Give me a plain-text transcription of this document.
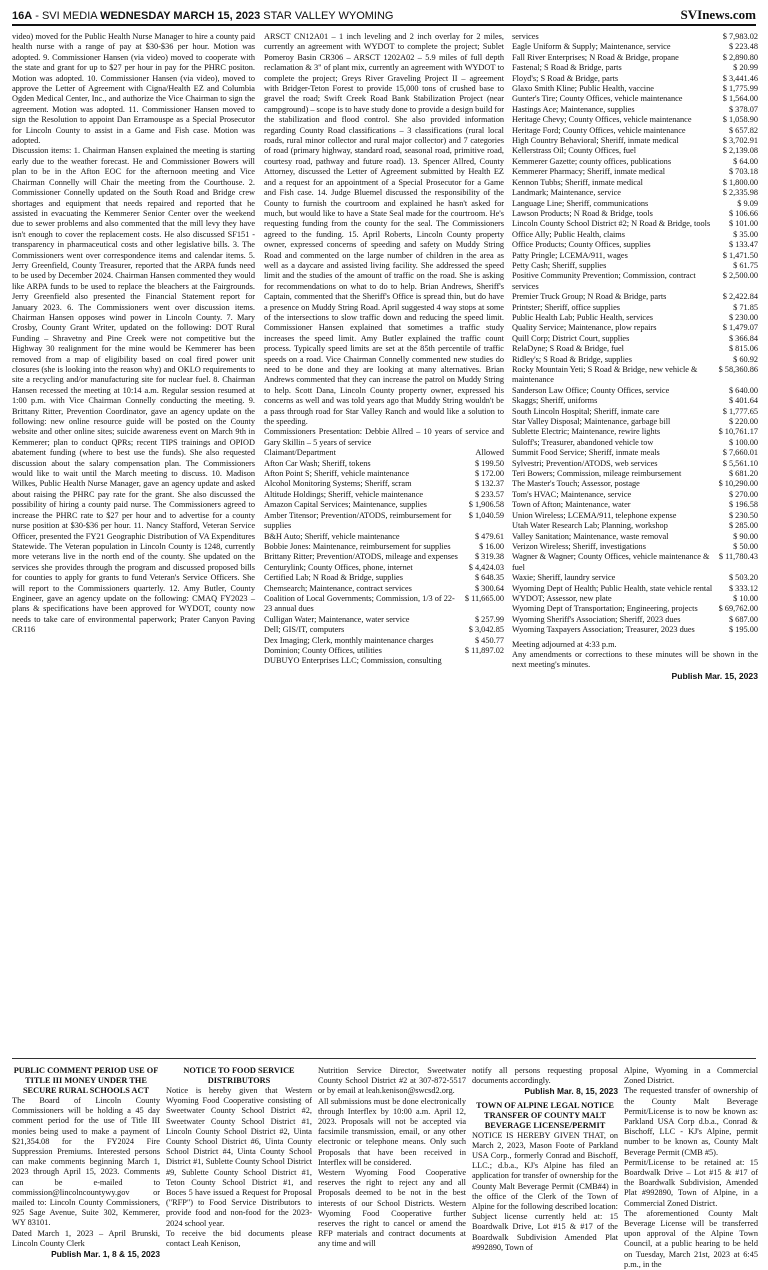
16A - SVI MEDIA WEDNESDAY MARCH 15, 2023 STAR VALLEY WYOMING	SVInews.com

video) moved for the Public Health Nurse Manager to hire a county paid health nurse with a range of pay at $30-$36 per hour. Motion was adopted. 9. Commissioner Hansen (via video) moved to cooperate with the state and grant for up to $27 per hour in pay for the PHRC positon. Motion was adopted. 10. Commissioner Hansen (via video), moved to approve the Letter of Agreement with Cigna/Health EZ and Columbia Ogden Medical Center, Inc., and authorize the Vice Chairman to sign the agreement. Motion was adopted. 11. Commissioner Hansen moved to sign the Resolution to appoint Dan Erramouspe as a Special Prosecutor for Lincoln County to assist in a Game and Fish case. Motion was adopted.

Discussion items: 1. Chairman Hansen explained the meeting is starting early due to the weather forecast. He and Commissioner Bowers will plan to be in the Afton EOC for the afternoon meeting and Vice Chairman Connelly will Chair the meeting from the Courthouse. 2. Commissioner Connelly updated on the South Road and Bridge crew shortages and equipment that needs repaired and reported that he assisted in evacuating the Kemmerer Senior Center over the weekend due to sewer problems and also commented that the mill levy they have isn't enough to cover the replacement costs. He also discussed SF151 - transparency in pharmaceutical costs and other legislative bills. 3. The Commissioners went over correspondence items and calendar items. 5. Jerry Greenfield, County Treasurer, reported that the ARPA funds need to be used by December 2024. Chairman Hansen commented they would like ARPA funds to be used to replace the bleachers at the Fairgrounds. Jerry Greenfield also presented the Financial Statement report for January 2023. 6. The Commissioners went over discussion items. Chairman Hansen opposes wind power in Lincoln County. 7. Mary Crosby, County Grant Writer, updated on the following: DOT Rural Funding – Shravetny and Pine Creek were not competitive but the Highway 30 realignment for the mine would be Kemmerer has been removed from a map of eligibility based on coal fired power unit closures (she is looking into the reason why) and OKLO requirements to site a recycling and/or manufacturing site for nuclear fuel. 8. Chairman Hansen recessed the meeting at 10:14 a.m. Regular session resumed at 1:00 p.m. with Vice Chairman Connelly conducting the meeting. 9. Brittany Ritter, Prevention Coordinator, gave an agency update on the following: new online resource guide will be posted on the County website and other online sites; suicide awareness event on March 9th in Kemmerer; plan to conduct QPRs; recent TIPS trainings and OPIOD abatement funding (where to best use the funds). She also requested discussion about the salary compensation plan. The Commissioners would like to wait until the March meeting to discuss. 10. Madison Wilkes, Public Health Nurse Manager, gave an agency update and asked about raising the PHRC pay rate for the grant. She also discussed the possibility of hiring a county paid nurse. The Commissioners agreed to increase the PHRC rate to $27 per hour and to advertise for a county nurse position at $30-$36 per hour. 11. Nancy Stafford, Veteran Service Officer, presented the FY21 Geographic Distribution of VA Expenditures Statewide. The Veteran population in Lincoln County is 1248, currently more veterans live in the north end of the county. She updated on the services she provides through the program and discussed proposed bills for counties to apply for grants to fund Veteran's Service Officers. She will report to the Commissioners quarterly. 12. Amy Butler, County Engineer, gave an agency update on the following: CMAQ FY2023 – plans & specifications have been approved for WYDOT, county now needs to take care of environmental paperwork; Prater Canyon Paving CR116

ARSCT CN12A01 – 1 inch leveling and 2 inch overlay for 2 miles, currently an agreement with WYDOT to complete the project; Sublet Pomeroy Basin CR306 – ARSCT 1202A02 – 5.9 miles of full depth reclamation & 3" of plant mix, currently an agreement with WYDOT to complete the project; Greys River Graveling Project II – agreement with Bridger-Teton Forest to provide 15,000 tons of crushed base to gravel the road; Swift Creek Road Bank Stabilization Project (near campground) – scope is to have study done to provide a design build for the stabilization and flood control. She also provided information regarding County Road classifications – 3 classifications (rural local roads, rural minor collector and rural major collector) and 7 categories of road (primary highway, standard road, seasonal road, primitive road, courtesy road, pathway and future road). 13. Spencer Allred, County Attorney, discussed the Letter of Agreement submitted by Health EZ and a request for an appointment of a Special Prosecutor for a Game and Fish case. 14. Judge Bluemel discussed the responsibility of the County to furnish the courtroom and explained he hasn't asked for much, but would like to have a State Seal made for the courtroom. He's requesting funding from the county for the seal. The Commissioners agreed to the funding. 15. April Roberts, Lincoln County property owner, expressed concerns of speeding and safety on Muddy String Road and commented on the large number of children in the area as well as a daycare and assisted living facility. She addressed the speed limit and the studies of the amount of traffic on the road. She is asking for recommendations on what to do to help. Brian Andrews, Sheriff's Captain, commented that the Sheriff's Office is spread thin, but do have a presence on Muddy String Road. April suggested 4 way stops at some of the intersections to slow traffic down and reducing the speed limit. Commissioner Hansen explained that sometimes a traffic study increases the speed limit. Amy Butler explained the traffic count process. Typically speed limits are set at the 85th percentile of traffic speeds on a road. Vice Chairman Connelly commented new studies do need to be done and they are looking at many alternatives. Brian Andrews commented that they can increase the patrol on Muddy String to help. Scott Dana, Lincoln County property owner, expressed his concerns as well and was told years ago that Muddy String wouldn't be a pass through road for Star Valley Ranch and would like a solution to the speeding.

Commissioners Presentation: Debbie Allred – 10 years of service and Gary Skillin – 5 years of service

Claimant/Department	Allowed
Afton Car Wash; Sheriff, tokens	$ 199.50
Afton Point S; Sheriff, vehicle maintenance	$ 172.00
Alcohol Monitoring Systems; Sheriff, scram	$ 132.37
Altitude Holdings; Sheriff, vehicle maintenance	$ 233.57
Amazon Capital Services; Maintenance, supplies	$ 1,906.58
Amber Titensor; Prevention/ATODS, reimbursement for supplies
$ 1,040.59
B&H Auto; Sheriff, vehicle maintenance	$ 479.61
Bobbie Jones: Maintenance, reimbursement for supplies	$ 16.00
Brittany Ritter; Prevention/ATODS, mileage and expenses	$ 319.38
Centurylink; County Offices, phone, internet	$ 4,424.03
Certified Lab; N Road & Bridge, supplies	$ 648.35
Chemsearch; Maintenance, contract services	$ 300.64
Coalition of Local Governments; Commission, 1/3 of 22-23 annual dues
$ 11,665.00
Culligan Water; Maintenance, water service	$ 257.99
Dell; GIS/IT, computers	$ 3,042.85
Dex Imaging; Clerk, monthly maintenance charges	$ 450.77
Dominion; County Offices, utilities	$ 11,897.02
DUBUYO Enterprises LLC; Commission, consulting
services	$ 7,983.02
Eagle Uniform & Supply; Maintenance, service	$ 223.48
Fall River Enterprises; N Road & Bridge, propane	$ 2,890.80
Fastenal; S Road & Bridge, parts	$ 20.99
Floyd's; S Road & Bridge, parts	$ 3,441.46
Glaxo Smith Kline; Public Health, vaccine	$ 1,775.99
Gunter's Tire; County Offices, vehicle maintenance	$ 1,564.00
Hastings Ace; Maintenance, supplies	$ 378.07
Heritage Chevy; County Offices, vehicle maintenance	$ 1,058.90
Heritage Ford; County Offices, vehicle maintenance	$ 657.82
High Country Behavioral; Sheriff, inmate medical	$ 3,702.91
Kellerstrass Oil; County Offices, fuel	$ 2,139.08
Kemmerer Gazette; county offices, publications	$ 64.00
Kemmerer Pharmacy; Sheriff, inmate medical	$ 703.18
Kennon Tubbs; Sheriff, inmate medical	$ 1,800.00
Landmark; Maintenance, service	$ 2,335.98
Language Line; Sheriff, communications	$ 9.09
Lawson Products; N Road & Bridge, tools	$ 106.66
Lincoln County School District #2; N Road & Bridge, tools	$ 101.00
Office Ally; Public Health, claims	$ 35.00
Office Products; County Offices, supplies	$ 133.47
Patty Pringle; LCEMA/911, wages	$ 1,471.50
Petty Cash; Sheriff, supplies	$ 61.75
Positive Community Prevention; Commission, contract services
$ 2,500.00
Premier Truck Group; N Road & Bridge, parts	$ 2,422.84
Printster; Sheriff, office supplies	$ 71.85
Public Health Lab; Public Health, services	$ 230.00
Quality Service; Maintenance, plow repairs	$ 1,479.07
Quill Corp; District Court, supplies	$ 366.84
RelaDyne; S Road & Bridge, fuel	$ 815.06
Ridley's; S Road & Bridge, supplies	$ 60.92
Rocky Mountain Yeti; S Road & Bridge, new vehicle & maintenance
$ 58,360.86
Sanderson Law Office; County Offices, service	$ 640.00
Skaggs; Sheriff, uniforms	$ 401.64
South Lincoln Hospital; Sheriff, inmate care	$ 1,777.65
Star Valley Disposal; Maintenance, garbage bill	$ 220.00
Sublette Electric; Maintenance, rewire lights	$ 10,761.17
Suloff's; Treasurer, abandoned vehicle tow	$ 100.00
Summit Food Service; Sheriff, inmate meals	$ 7,660.01
Sylvestri; Prevention/ATODS, web services	$ 5,561.10
Teri Bowers; Commission, mileage reimbursement	$ 681.20
The Master's Touch; Assessor, postage	$ 10,290.00
Tom's HVAC; Maintenance, service	$ 270.00
Town of Afton; Maintenance, water	$ 196.58
Union Wireless; LCEMA/911, telephone expense	$ 230.50
Utah Water Research Lab; Planning, workshop	$ 285.00
Valley Sanitation; Maintenance, waste removal	$ 90.00
Verizon Wireless; Sheriff, investigations	$ 50.00
Wagner & Wagner; County Offices, vehicle maintenance & fuel
$ 11,780.43
Waxie; Sheriff, laundry service	$ 503.20
Wyoming Dept of Health; Public Health, state vehicle rental	$ 333.12
WYDOT; Assessor, new plate	$ 10.00
Wyoming Dept of Transportation; Engineering, projects	$ 69,762.00
Wyoming Sheriff's Association; Sheriff, 2023 dues	$ 687.00
Wyoming Taxpayers Association; Treasurer, 2023 dues	$ 195.00

Meeting adjourned at 4:33 p.m.

Any amendments or corrections to these minutes will be shown in the next meeting's minutes.

Publish Mar. 15, 2023

PUBLIC COMMENT PERIOD USE OF TITLE III MONEY UNDER THE SECURE RURAL SCHOOLS ACT

The Board of Lincoln County Commissioners will be holding a 45 day comment period for the use of Title III monies being used to make a payment of $21,354.08 for the FY2024 Fire Suppression Premiums. Interested persons can make comments beginning March 1, 2023 through April 15, 2023. Comments can be e-mailed to commission@lincolncountywy.gov or mailed to: Lincoln County Commissioners, 925 Sage Avenue, Suite 302, Kemmerer, WY 83101.

Dated March 1, 2023 – April Brunski, Lincoln County Clerk

Publish Mar. 1, 8 & 15, 2023

NOTICE TO FOOD SERVICE DISTRIBUTORS

Notice is hereby given that Western Wyoming Food Cooperative consisting of Sweetwater County School District #2, Sweetwater County School District #1, Lincoln County School District #2, Uinta County School District #6, Uinta County School District #4, Uinta County School District #1, Sublette County School District #9, Sublette County School District #1, Teton County School District #1, and Boces 5 have issued a Request for Proposal ("RFP") to Food Service Distributors to provide food and non-food for the 2023-2024 school year.

To receive the bid documents please contact Leah Kenison,

Nutrition Service Director, Sweetwater County School District #2 at 307-872-5517 or by email at leah.kenison@swcsd2.org.

All submissions must be done electronically through Interflex by 10:00 a.m. April 12, 2023. Proposals will not be accepted via facsimile transmission, email, or any other electronic or telephone means. Only such Proposals that have been received in Interflex will be considered.

Western Wyoming Food Cooperative reserves the right to reject any and all Proposals deemed to be not in the best interests of our School Districts. Western Wyoming Food Cooperative further reserves the right to cancel or amend the RFP materials and contract documents at any time and will

notify all persons requesting proposal documents accordingly.

Publish Mar. 8, 15, 2023

TOWN OF ALPINE LEGAL NOTICE

TRANSFER OF COUNTY MALT BEVERAGE LICENSE/PERMIT

NOTICE IS HEREBY GIVEN THAT, on March 2, 2023, Mason Foote of Parkland USA Corp., formerly Conrad and Bischoff, LLC.; d.b.a., KJ's Alpine has filed an application for transfer of ownership for the County Malt Beverage Permit (CMB#4) in the office of the Clerk of the Town of Alpine for the following described location: Subject license currently held at: 15 Boardwalk Drive, Lot #15 & #17 of the Boardwalk Subdivision Amended Plat #992890, Town of

Alpine, Wyoming in a Commercial Zoned District.

The requested transfer of ownership of the County Malt Beverage Permit/License is to now be known as: Parkland USA Corp d.b.a., Conrad & Bischoff, LLC - KJ's Alpine, permit number to be known as, County Malt Beverage Permit (CMB #5).

Permit/License to be retained at: 15 Boardwalk Drive – Lot #15 & #17 of the Boardwalk Subdivision, Amended Plat #992890, Town of Alpine, in a Commercial Zoned District.

The aforementioned County Malt Beverage License will be transferred upon approval of the Alpine Town Council, at a public hearing to be held on Tuesday, March 21st, 2023 at 6:45 p.m., in the
